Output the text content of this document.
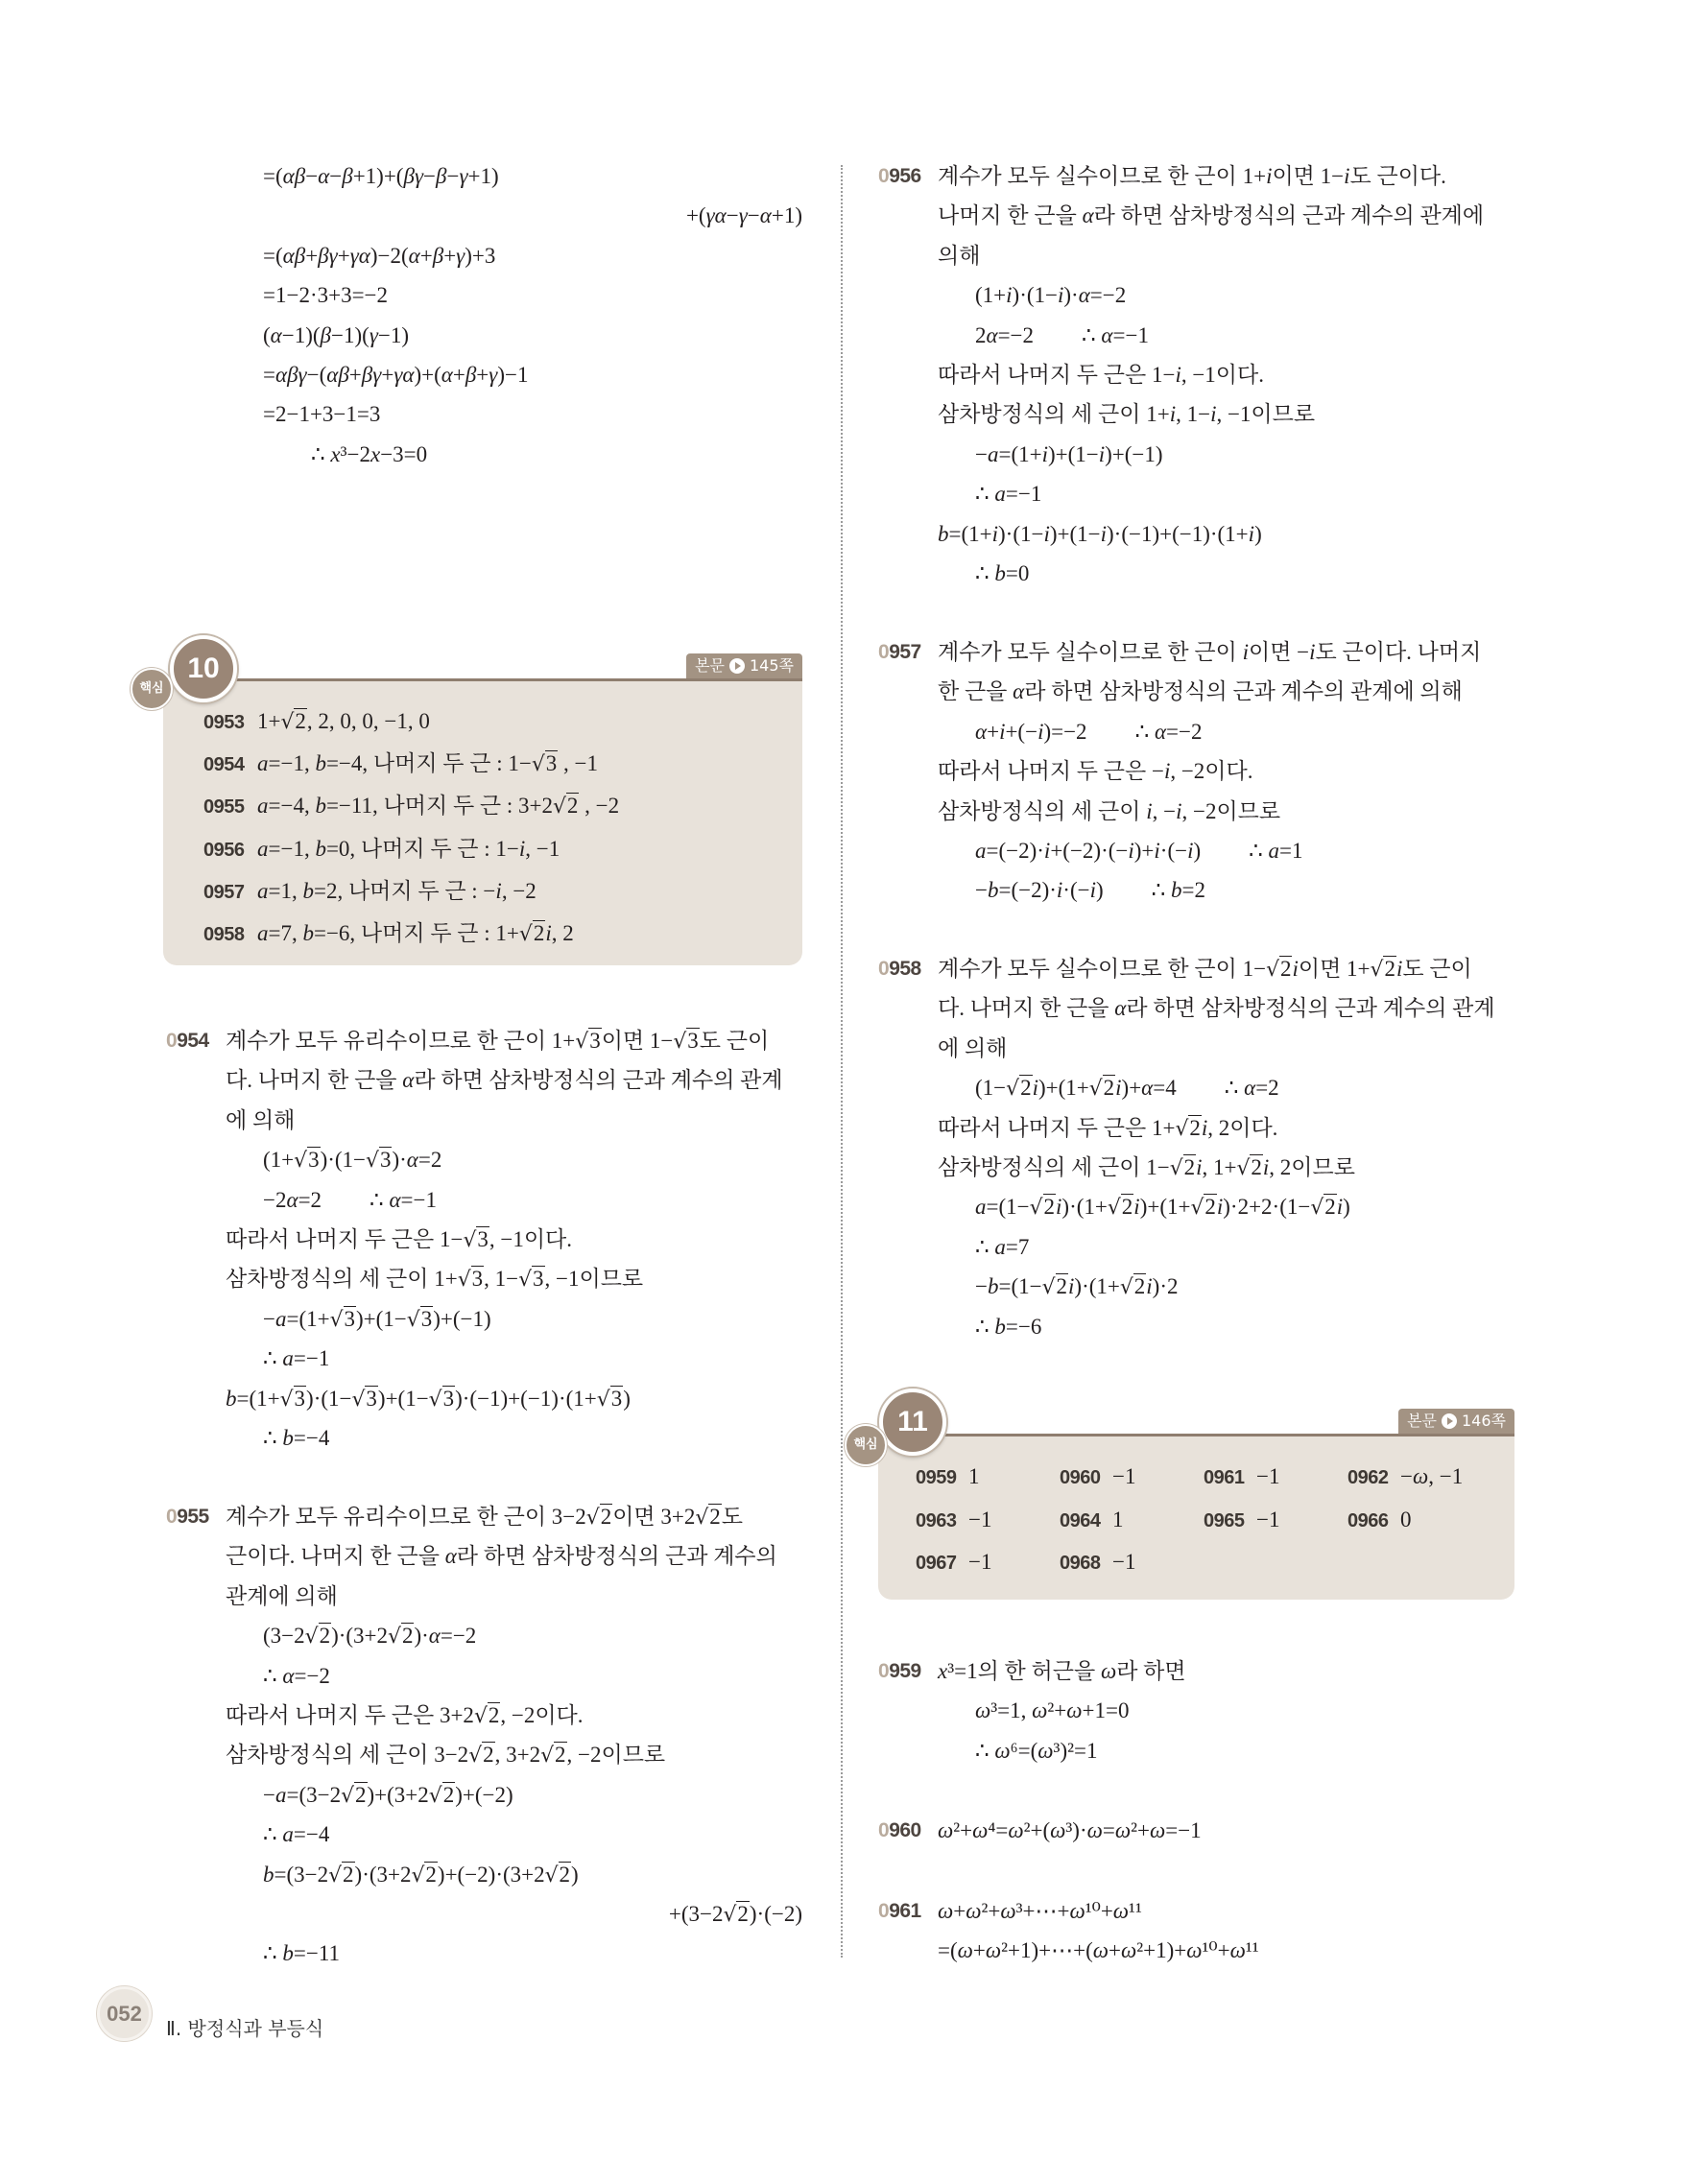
=(αβ−α−β+1)+(βγ−β−γ+1)
+(γα−γ−α+1)
=(αβ+βγ+γα)−2(α+β+γ)+3
=1−2·3+3=−2
(α−1)(β−1)(γ−1)
=αβγ−(αβ+βγ+γα)+(α+β+γ)−1
=2−1+3−1=3
∴ x³−2x−3=0
10
핵심
본문 145쪽
0953 1+√2, 2, 0, 0, −1, 0
0954 a=−1, b=−4, 나머지 두 근 : 1−√3 , −1
0955 a=−4, b=−11, 나머지 두 근 : 3+2√2 , −2
0956 a=−1, b=0, 나머지 두 근 : 1−i, −1
0957 a=1, b=2, 나머지 두 근 : −i, −2
0958 a=7, b=−6, 나머지 두 근 : 1+√2i, 2
0954 계수가 모두 유리수이므로 한 근이 1+√3이면 1−√3도 근이
다. 나머지 한 근을 α라 하면 삼차방정식의 근과 계수의 관계
에 의해
(1+√3)·(1−√3)·α=2
−2α=2 ∴ α=−1
따라서 나머지 두 근은 1−√3, −1이다.
삼차방정식의 세 근이 1+√3, 1−√3, −1이므로
−a=(1+√3)+(1−√3)+(−1)
∴ a=−1
b=(1+√3)·(1−√3)+(1−√3)·(−1)+(−1)·(1+√3)
∴ b=−4
0955 계수가 모두 유리수이므로 한 근이 3−2√2이면 3+2√2도
근이다. 나머지 한 근을 α라 하면 삼차방정식의 근과 계수의
관계에 의해
(3−2√2)·(3+2√2)·α=−2
∴ α=−2
따라서 나머지 두 근은 3+2√2, −2이다.
삼차방정식의 세 근이 3−2√2, 3+2√2, −2이므로
−a=(3−2√2)+(3+2√2)+(−2)
∴ a=−4
b=(3−2√2)·(3+2√2)+(−2)·(3+2√2)
+(3−2√2)·(−2)
∴ b=−11
0956 계수가 모두 실수이므로 한 근이 1+i이면 1−i도 근이다.
나머지 한 근을 α라 하면 삼차방정식의 근과 계수의 관계에
의해
(1+i)·(1−i)·α=−2
2α=−2 ∴ α=−1
따라서 나머지 두 근은 1−i, −1이다.
삼차방정식의 세 근이 1+i, 1−i, −1이므로
−a=(1+i)+(1−i)+(−1)
∴ a=−1
b=(1+i)·(1−i)+(1−i)·(−1)+(−1)·(1+i)
∴ b=0
0957 계수가 모두 실수이므로 한 근이 i이면 −i도 근이다. 나머지
한 근을 α라 하면 삼차방정식의 근과 계수의 관계에 의해
α+i+(−i)=−2 ∴ α=−2
따라서 나머지 두 근은 −i, −2이다.
삼차방정식의 세 근이 i, −i, −2이므로
a=(−2)·i+(−2)·(−i)+i·(−i) ∴ a=1
−b=(−2)·i·(−i) ∴ b=2
0958 계수가 모두 실수이므로 한 근이 1−√2i이면 1+√2i도 근이
다. 나머지 한 근을 α라 하면 삼차방정식의 근과 계수의 관계
에 의해
(1−√2i)+(1+√2i)+α=4 ∴ α=2
따라서 나머지 두 근은 1+√2i, 2이다.
삼차방정식의 세 근이 1−√2i, 1+√2i, 2이므로
a=(1−√2i)·(1+√2i)+(1+√2i)·2+2·(1−√2i)
∴ a=7
−b=(1−√2i)·(1+√2i)·2
∴ b=−6
11
핵심
본문 146쪽
0959 1	0960 −1	0961 −1	0962 −ω, −1
0963 −1	0964 1	0965 −1	0966 0
0967 −1	0968 −1
0959 x³=1의 한 허근을 ω라 하면
ω³=1, ω²+ω+1=0
∴ ω⁶=(ω³)²=1
0960 ω²+ω⁴=ω²+(ω³)·ω=ω²+ω=−1
0961 ω+ω²+ω³+⋯+ω¹⁰+ω¹¹
=(ω+ω²+1)+⋯+(ω+ω²+1)+ω¹⁰+ω¹¹
052
Ⅱ. 방정식과 부등식
